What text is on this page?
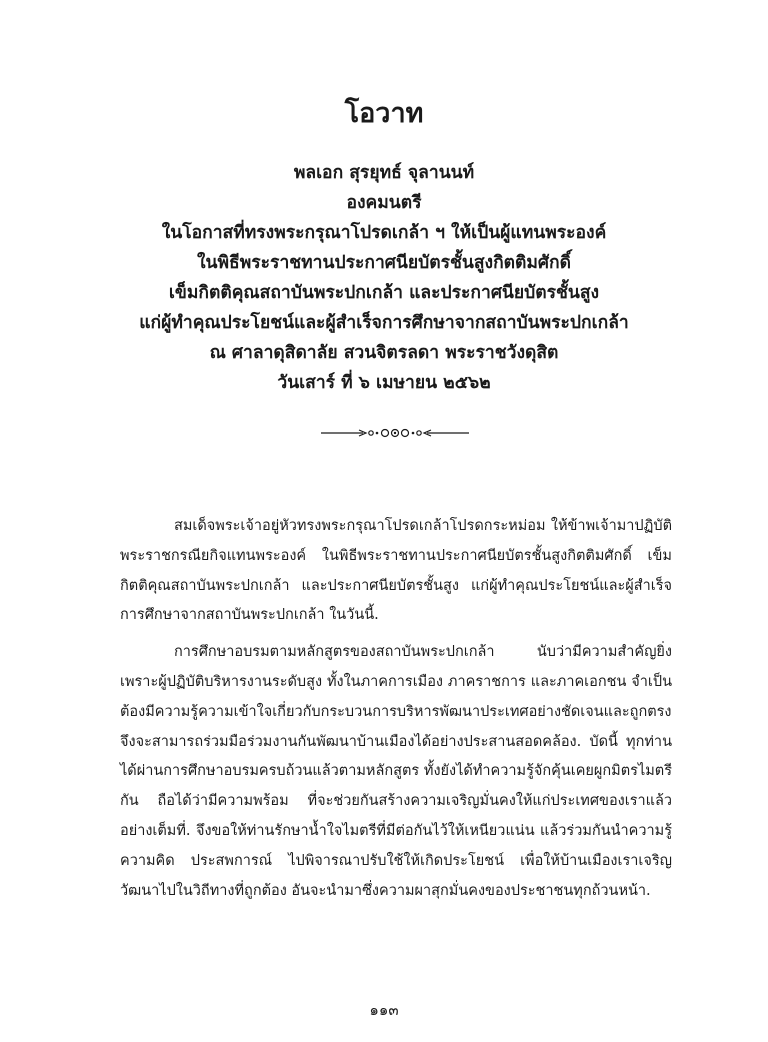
โอวาท
พลเอก สุรยุทธ์ จุลานนท์
องคมนตรี
ในโอกาสที่ทรงพระกรุณาโปรดเกล้า ฯ ให้เป็นผู้แทนพระองค์
ในพิธีพระราชทานประกาศนียบัตรชั้นสูงกิตติมศักดิ์
เข็มกิตติคุณสถาบันพระปกเกล้า และประกาศนียบัตรชั้นสูง
แก่ผู้ทำคุณประโยชน์และผู้สำเร็จการศึกษาจากสถาบันพระปกเกล้า
ณ ศาลาดุสิดาลัย สวนจิตรลดา พระราชวังดุสิต
วันเสาร์ ที่ ๖ เมษายน ๒๕๖๒

สมเด็จพระเจ้าอยู่หัวทรงพระกรุณาโปรดเกล้าโปรดกระหม่อม ให้ข้าพเจ้ามาปฏิบัติพระราชกรณียกิจแทนพระองค์ ในพิธีพระราชทานประกาศนียบัตรชั้นสูงกิตติมศักดิ์ เข็มกิตติคุณสถาบันพระปกเกล้า และประกาศนียบัตรชั้นสูง แก่ผู้ทำคุณประโยชน์และผู้สำเร็จการศึกษาจากสถาบันพระปกเกล้า ในวันนี้.

การศึกษาอบรมตามหลักสูตรของสถาบันพระปกเกล้า นับว่ามีความสำคัญยิ่ง เพราะผู้ปฏิบัติบริหารงานระดับสูง ทั้งในภาคการเมือง ภาคราชการ และภาคเอกชน จำเป็นต้องมีความรู้ความเข้าใจเกี่ยวกับกระบวนการบริหารพัฒนาประเทศอย่างชัดเจนและถูกตรง จึงจะสามารถร่วมมือร่วมงานกันพัฒนาบ้านเมืองได้อย่างประสานสอดคล้อง. บัดนี้ ทุกท่านได้ผ่านการศึกษาอบรมครบถ้วนแล้วตามหลักสูตร ทั้งยังได้ทำความรู้จักคุ้นเคยผูกมิตรไมตรีกัน ถือได้ว่ามีความพร้อม ที่จะช่วยกันสร้างความเจริญมั่นคงให้แก่ประเทศของเราแล้วอย่างเต็มที่. จึงขอให้ท่านรักษาน้ำใจไมตรีที่มีต่อกันไว้ให้เหนียวแน่น แล้วร่วมกันนำความรู้ ความคิด ประสพการณ์ ไปพิจารณาปรับใช้ให้เกิดประโยชน์ เพื่อให้บ้านเมืองเราเจริญวัฒนาไปในวิถีทางที่ถูกต้อง อันจะนำมาซึ่งความผาสุกมั่นคงของประชาชนทุกถ้วนหน้า.

๑๑๓
